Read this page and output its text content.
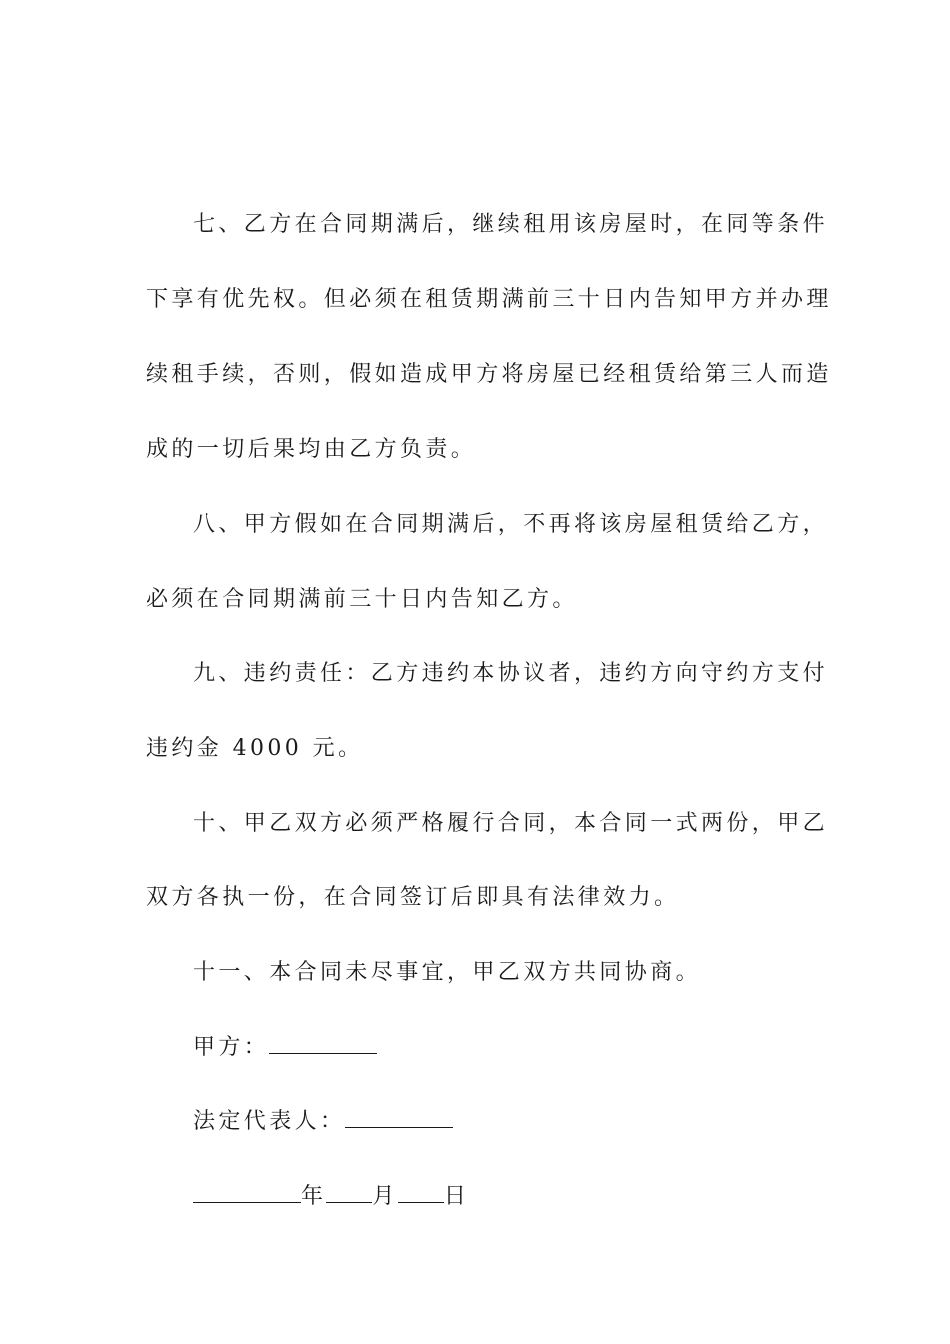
七、乙方在合同期满后，继续租用该房屋时，在同等条件
下享有优先权。但必须在租赁期满前三十日内告知甲方并办理
续租手续，否则，假如造成甲方将房屋已经租赁给第三人而造
成的一切后果均由乙方负责。
八、甲方假如在合同期满后，不再将该房屋租赁给乙方，
必须在合同期满前三十日内告知乙方。
九、违约责任：乙方违约本协议者，违约方向守约方支付
违约金 4000 元。
十、甲乙双方必须严格履行合同，本合同一式两份，甲乙
双方各执一份，在合同签订后即具有法律效力。
十一、本合同未尽事宜，甲乙双方共同协商。
甲方：
法定代表人：
年 月 日
